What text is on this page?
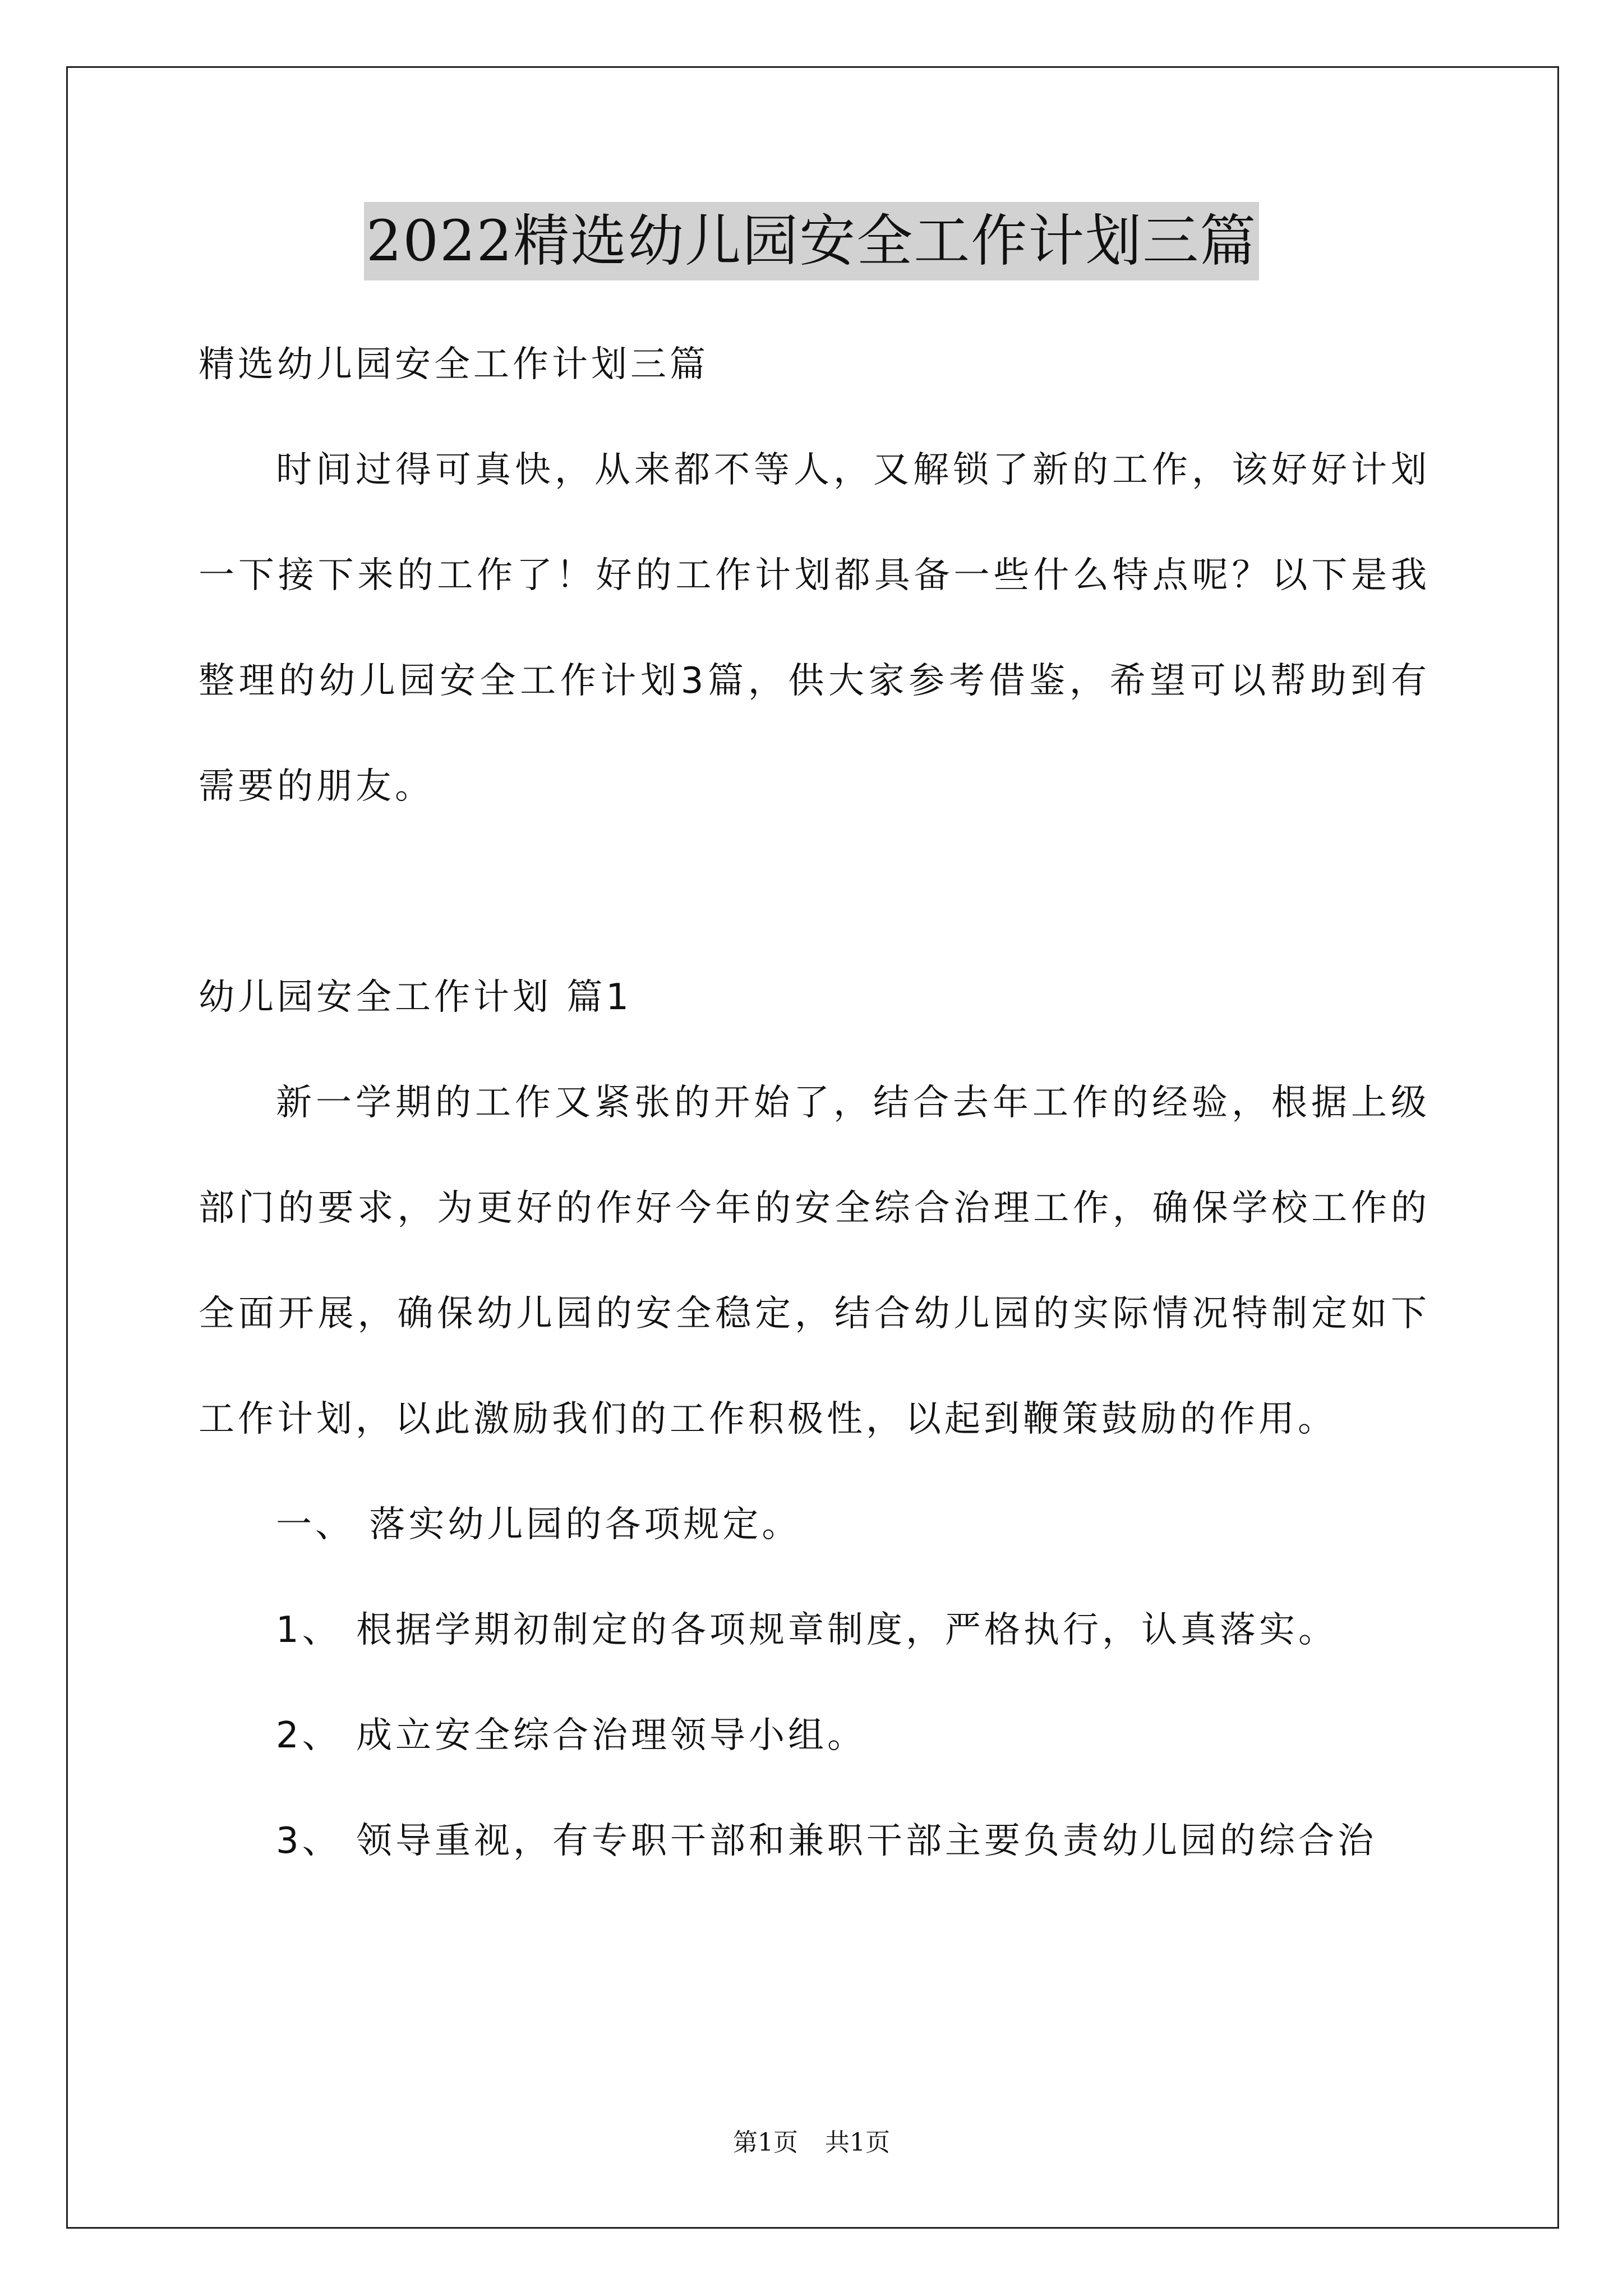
2022精选幼儿园安全工作计划三篇

精选幼儿园安全工作计划三篇

时间过得可真快，从来都不等人，又解锁了新的工作，该好好计划一下接下来的工作了！好的工作计划都具备一些什么特点呢？以下是我整理的幼儿园安全工作计划3篇，供大家参考借鉴，希望可以帮助到有需要的朋友。

幼儿园安全工作计划 篇1

新一学期的工作又紧张的开始了，结合去年工作的经验，根据上级部门的要求，为更好的作好今年的安全综合治理工作，确保学校工作的全面开展，确保幼儿园的安全稳定，结合幼儿园的实际情况特制定如下工作计划，以此激励我们的工作积极性，以起到鞭策鼓励的作用。

一、 落实幼儿园的各项规定。

1、 根据学期初制定的各项规章制度，严格执行，认真落实。

2、 成立安全综合治理领导小组。

3、 领导重视，有专职干部和兼职干部主要负责幼儿园的综合治

第1页 共1页
